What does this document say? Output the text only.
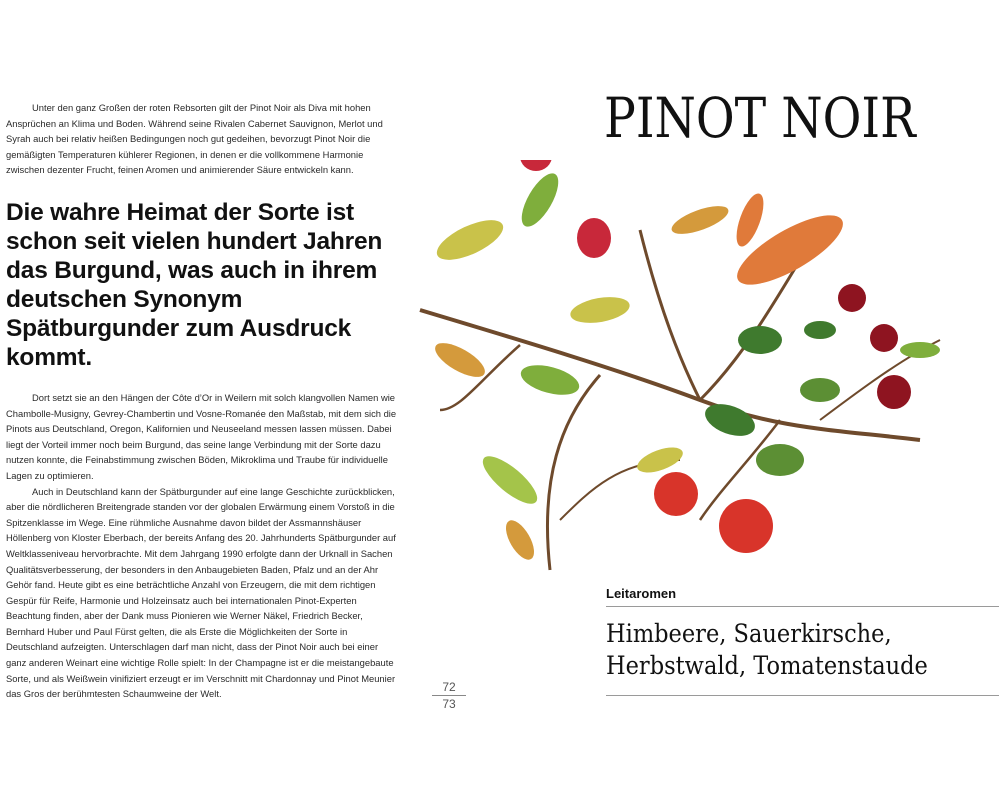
Unter den ganz Großen der roten Rebsorten gilt der Pinot Noir als Diva mit hohen Ansprüchen an Klima und Boden. Während seine Rivalen Cabernet Sauvignon, Merlot und Syrah auch bei relativ heißen Bedingungen noch gut gedeihen, bevorzugt Pinot Noir die gemäßigten Temperaturen kühlerer Regionen, in denen er die vollkommene Harmonie zwischen dezenter Frucht, feinen Aromen und animierender Säure entwickeln kann.

Die wahre Heimat der Sorte ist schon seit vielen hundert Jahren das Burgund, was auch in ihrem deutschen Synonym Spätburgunder zum Ausdruck kommt.

Dort setzt sie an den Hängen der Côte d’Or in Weilern mit solch klangvollen Namen wie Chambolle-Musigny, Gevrey-Chambertin und Vosne-Romanée den Maßstab, mit dem sich die Pinots aus Deutschland, Oregon, Kalifornien und Neuseeland messen lassen müssen. Dabei liegt der Vorteil immer noch beim Burgund, das seine lange Verbindung mit der Sorte dazu nutzen konnte, die Feinabstimmung zwischen Böden, Mikroklima und Traube für individuelle Lagen zu optimieren.

Auch in Deutschland kann der Spätburgunder auf eine lange Geschichte zurückblicken, aber die nördlicheren Breitengrade standen vor der globalen Erwärmung einem Vorstoß in die Spitzenklasse im Wege. Eine rühmliche Ausnahme davon bildet der Assmannshäuser Höllenberg von Kloster Eberbach, der bereits Anfang des 20. Jahrhunderts Spätburgunder auf Weltklasseniveau hervorbrachte. Mit dem Jahrgang 1990 erfolgte dann der Urknall in Sachen Qualitätsverbesserung, der besonders in den Anbaugebieten Baden, Pfalz und an der Ahr Gehör fand. Heute gibt es eine beträchtliche Anzahl von Erzeugern, die mit dem richtigen Gespür für Reife, Harmonie und Holzeinsatz auch bei internationalen Pinot-Experten Beachtung finden, aber der Dank muss Pionieren wie Werner Näkel, Friedrich Becker, Bernhard Huber und Paul Fürst gelten, die als Erste die Möglichkeiten der Sorte in Deutschland aufzeigten. Unterschlagen darf man nicht, dass der Pinot Noir auch bei einer ganz anderen Weinart eine wichtige Rolle spielt: In der Champagne ist er die meistangebaute Sorte, und als Weißwein vinifiziert erzeugt er im Verschnitt mit Chardonnay und Pinot Meunier das Gros der berühmtesten Schaumweine der Welt.	72
73
PINOT NOIR
Leitaromen
Himbeere, Sauerkirsche,
Herbstwald, Tomatenstaude
